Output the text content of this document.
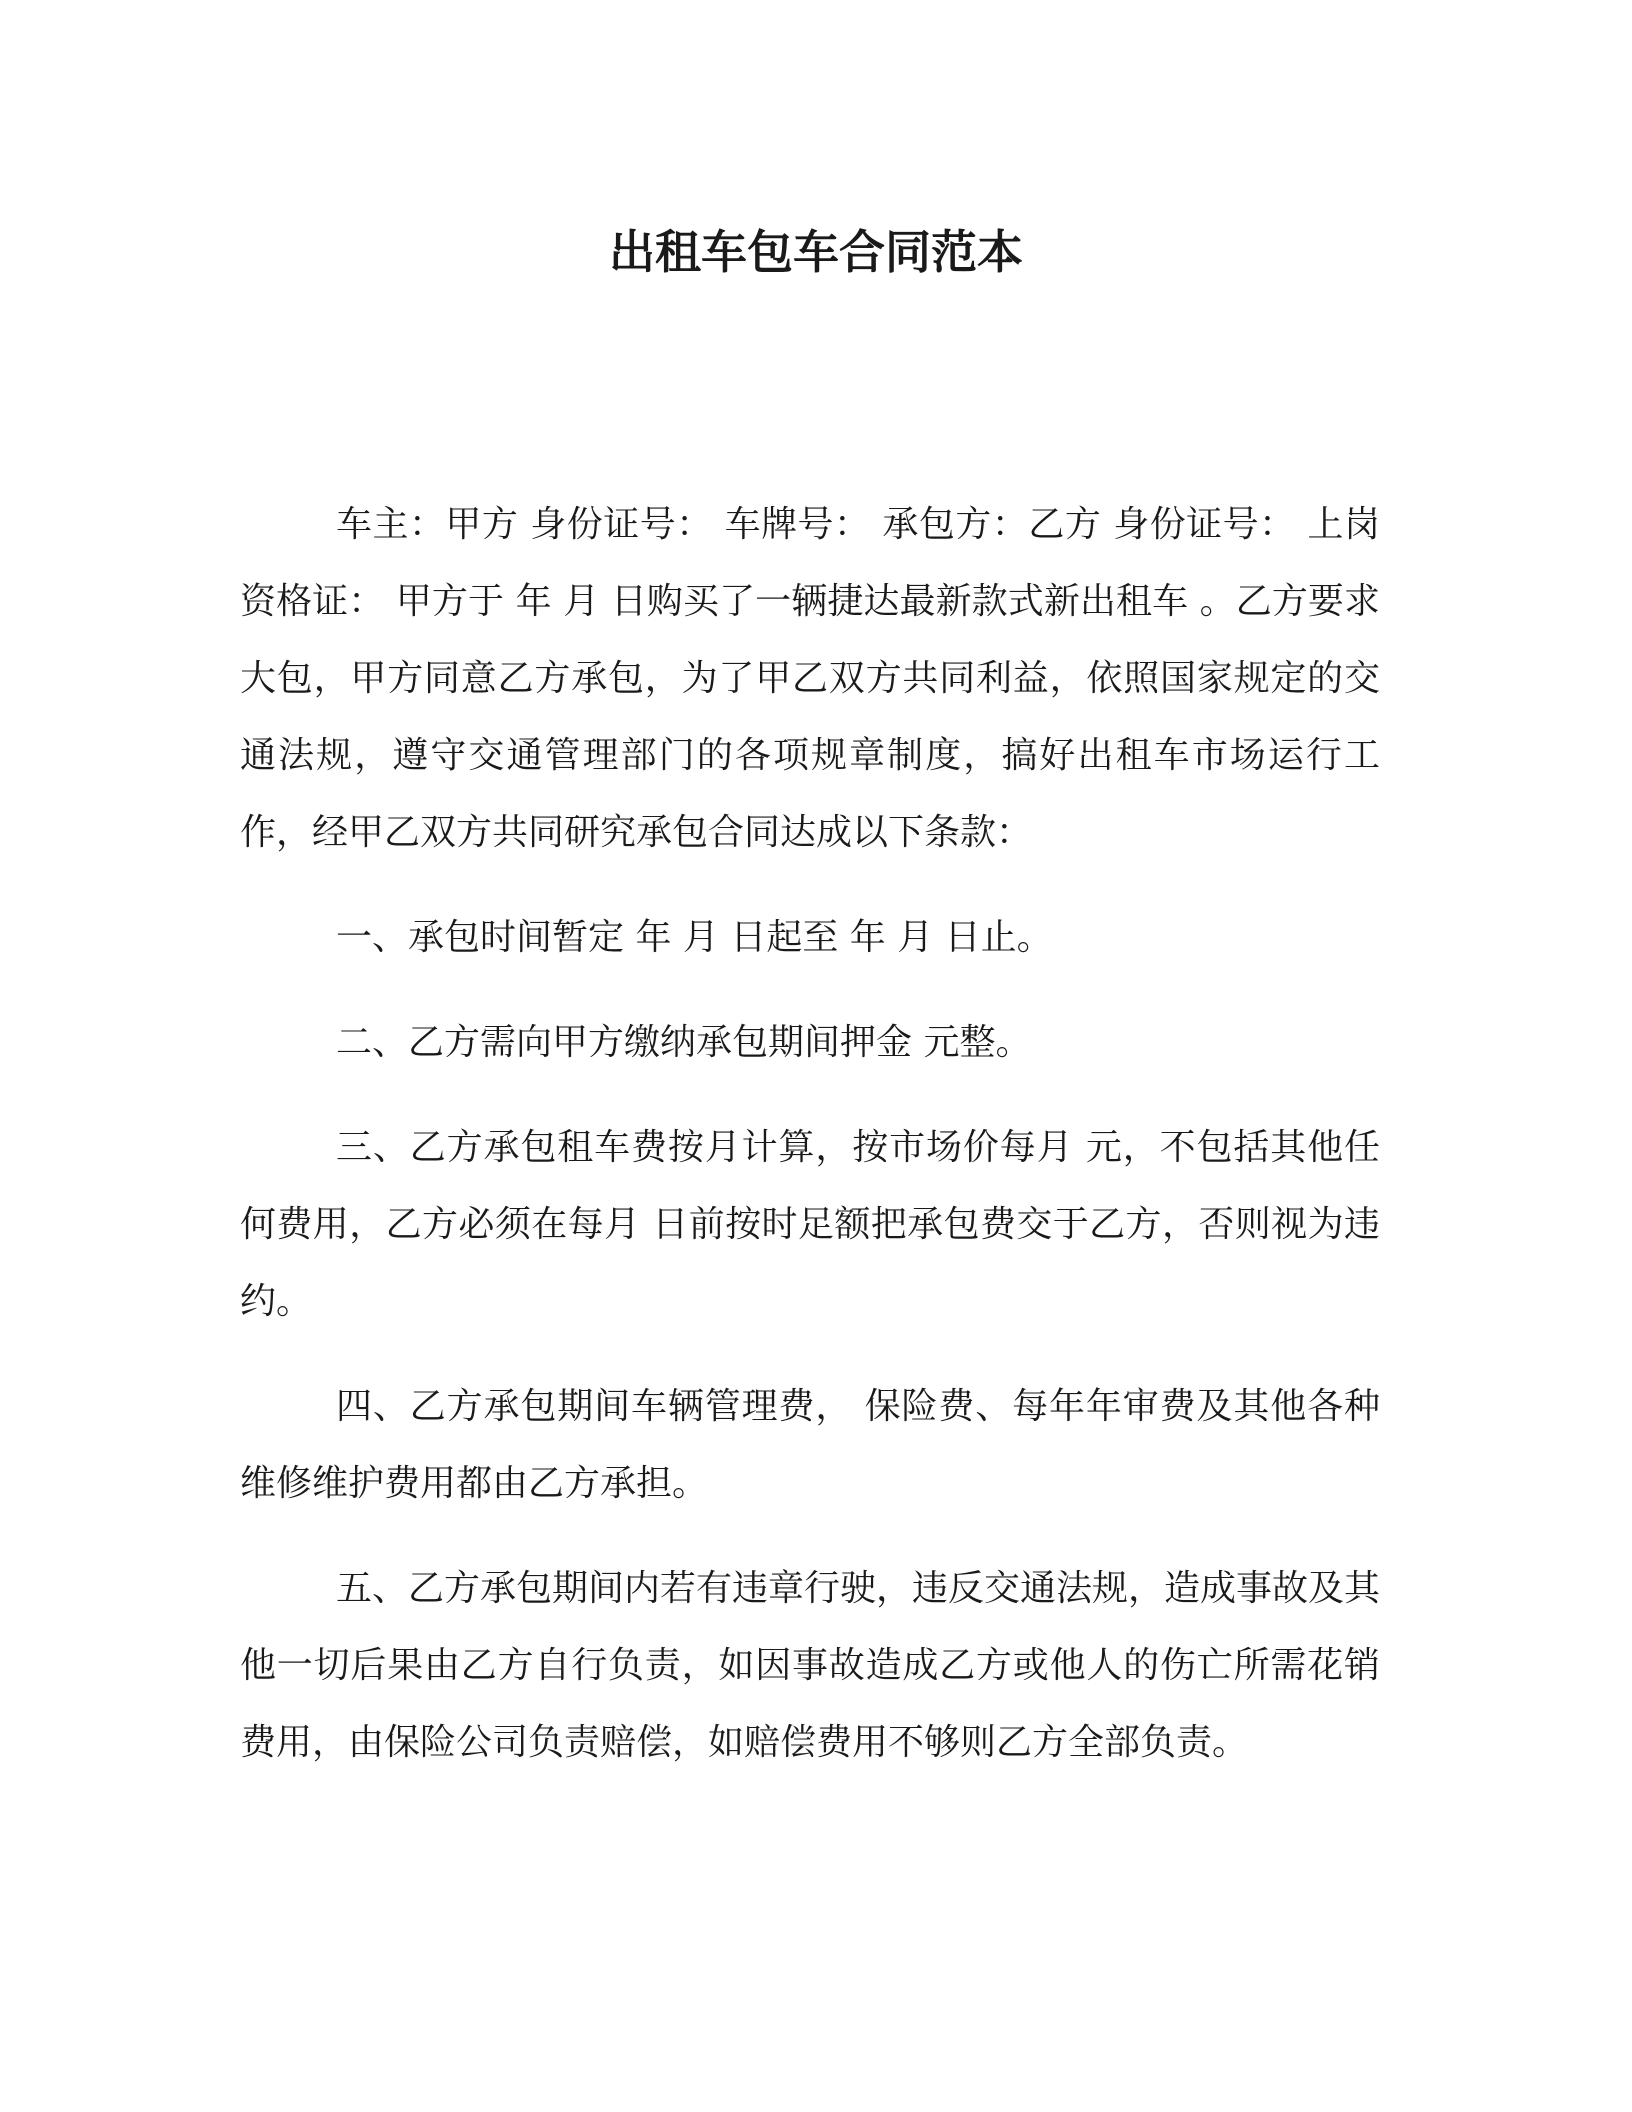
出租车包车合同范本

车主：甲方 身份证号： 车牌号： 承包方：乙方 身份证号： 上岗资格证： 甲方于 年 月 日购买了一辆捷达最新款式新出租车 。乙方要求大包，甲方同意乙方承包，为了甲乙双方共同利益，依照国家规定的交通法规，遵守交通管理部门的各项规章制度，搞好出租车市场运行工作，经甲乙双方共同研究承包合同达成以下条款：

一、承包时间暂定 年 月 日起至 年 月 日止。

二、乙方需向甲方缴纳承包期间押金 元整。

三、乙方承包租车费按月计算，按市场价每月 元，不包括其他任何费用，乙方必须在每月 日前按时足额把承包费交于乙方，否则视为违约。

四、乙方承包期间车辆管理费， 保险费、每年年审费及其他各种维修维护费用都由乙方承担。

五、乙方承包期间内若有违章行驶，违反交通法规，造成事故及其他一切后果由乙方自行负责，如因事故造成乙方或他人的伤亡所需花销费用，由保险公司负责赔偿，如赔偿费用不够则乙方全部负责。
